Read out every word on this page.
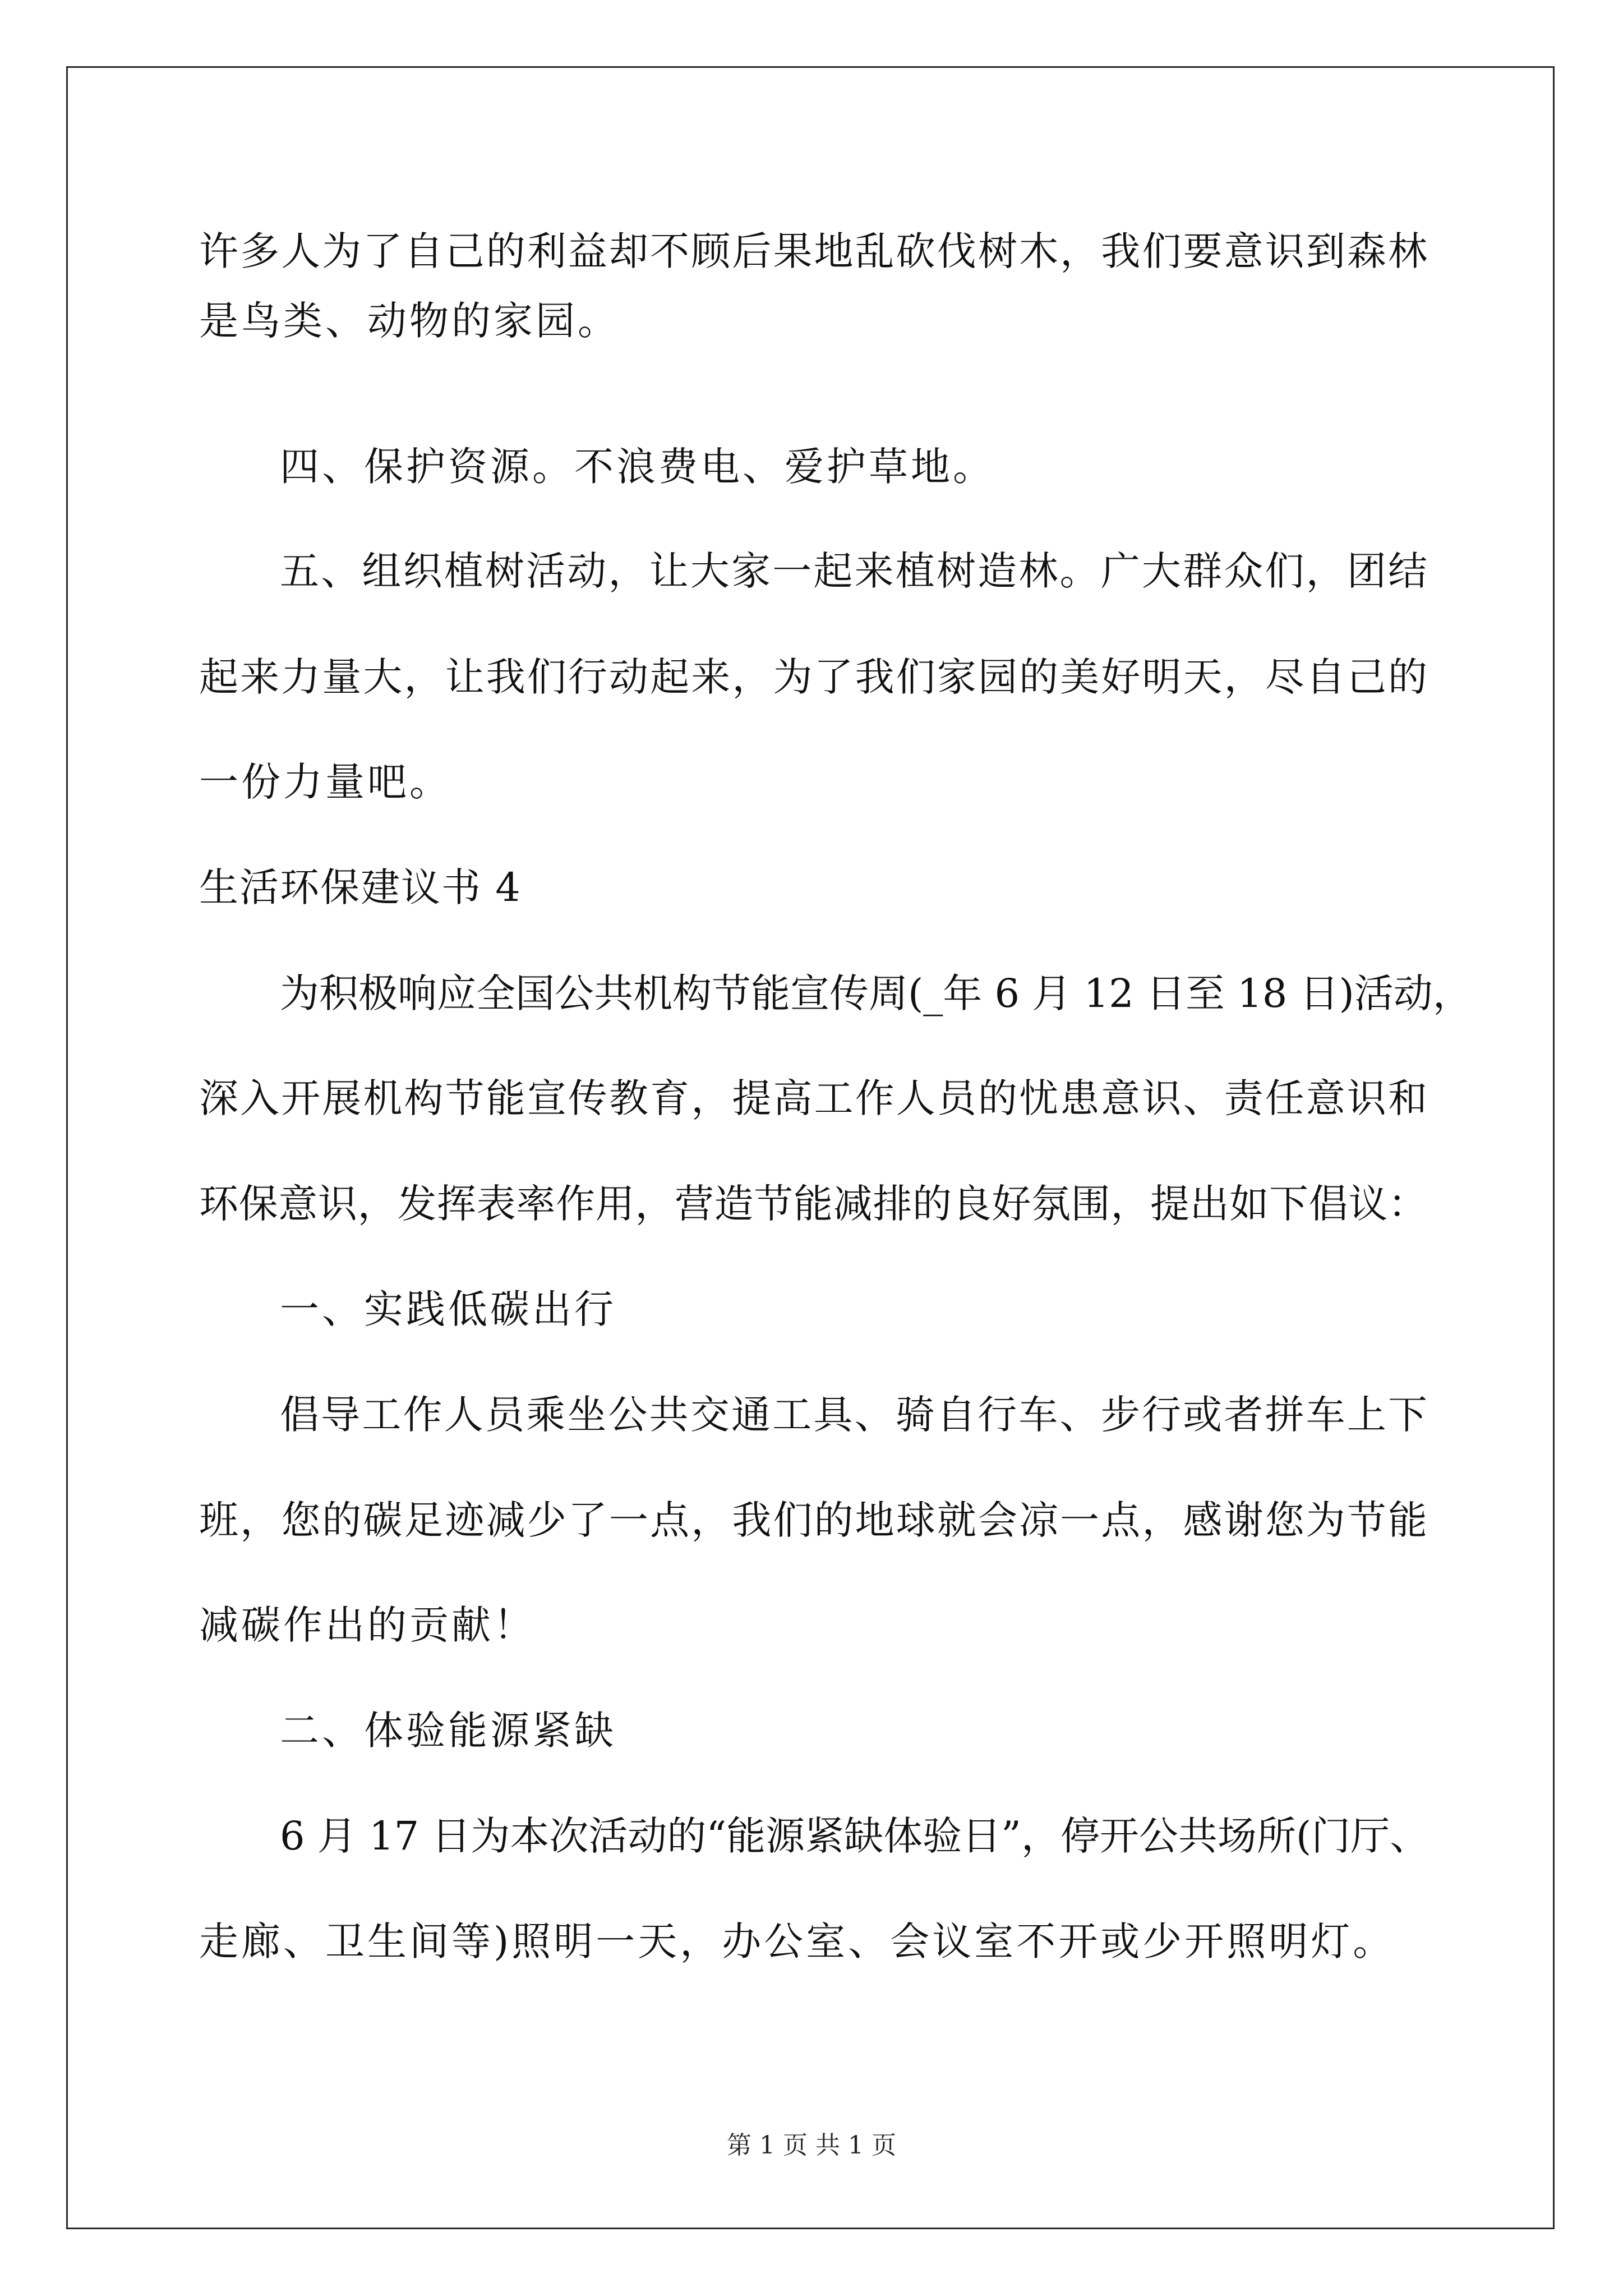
许多人为了自己的利益却不顾后果地乱砍伐树木，我们要意识到森林
是鸟类、动物的家园。
四、保护资源。不浪费电、爱护草地。
五、组织植树活动，让大家一起来植树造林。广大群众们，团结
起来力量大，让我们行动起来，为了我们家园的美好明天，尽自己的
一份力量吧。
生活环保建议书 4
为积极响应全国公共机构节能宣传周(_年 6 月 12 日至 18 日)活动，
深入开展机构节能宣传教育，提高工作人员的忧患意识、责任意识和
环保意识，发挥表率作用，营造节能减排的良好氛围，提出如下倡议：
一、实践低碳出行
倡导工作人员乘坐公共交通工具、骑自行车、步行或者拼车上下
班，您的碳足迹减少了一点，我们的地球就会凉一点，感谢您为节能
减碳作出的贡献！
二、体验能源紧缺
6 月 17 日为本次活动的“能源紧缺体验日”，停开公共场所(门厅、
走廊、卫生间等)照明一天，办公室、会议室不开或少开照明灯。
第 1 页 共 1 页
